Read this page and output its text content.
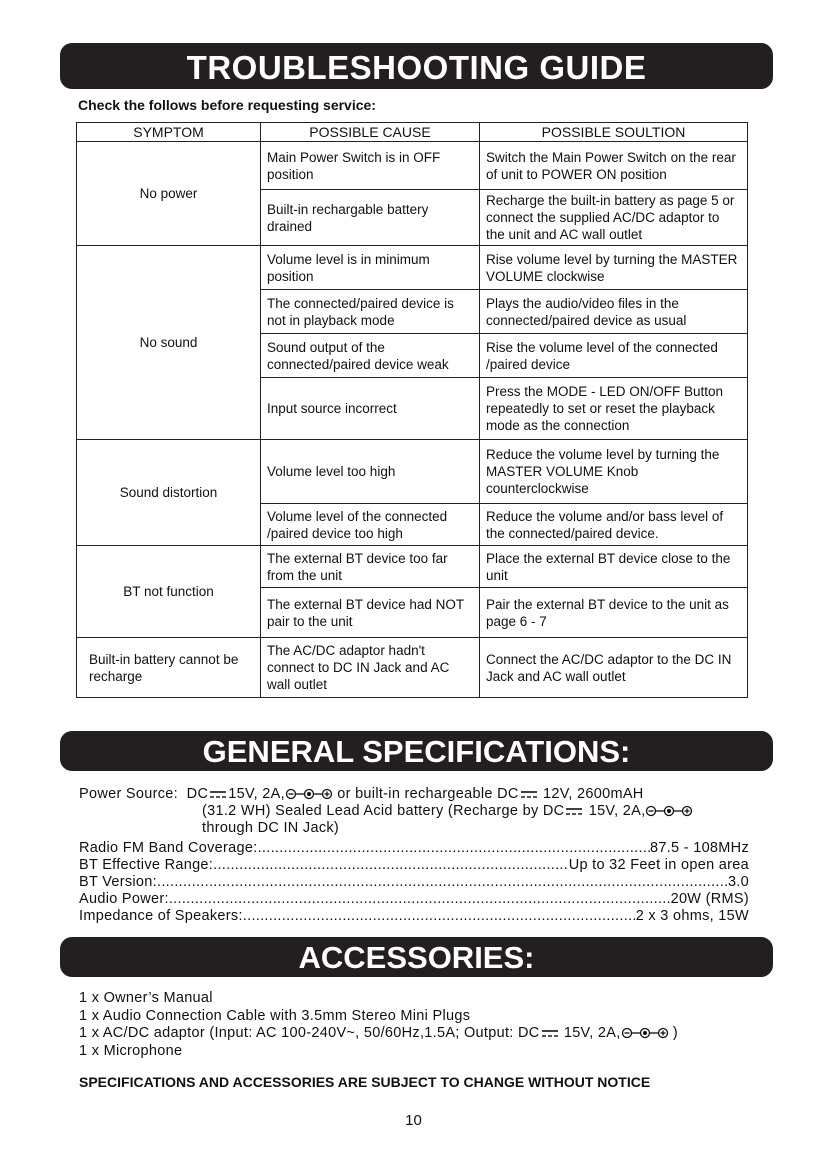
TROUBLESHOOTING GUIDE
Check the follows before requesting service:
SYMPTOM	POSSIBLE CAUSE	POSSIBLE SOULTION
No power	Main Power Switch is in OFF position	Switch the Main Power Switch on the rear of unit to POWER ON position
	Built-in rechargable battery drained	Recharge the built-in battery as page 5 or connect the supplied AC/DC adaptor to the unit and AC wall outlet
No sound	Volume level is in minimum position	Rise volume level by turning the MASTER VOLUME clockwise
	The connected/paired device is not in playback mode	Plays the audio/video files in the connected/paired device as usual
	Sound output of the connected/paired device weak	Rise the volume level of the connected /paired device
	Input source incorrect	Press the MODE - LED ON/OFF Button repeatedly to set or reset the playback mode as the connection
Sound distortion	Volume level too high	Reduce the volume level by turning the MASTER VOLUME Knob counterclockwise
	Volume level of the connected /paired device too high	Reduce the volume and/or bass level of the connected/paired device.
BT not function	The external BT device too far from the unit	Place the external BT device close to the unit
	The external BT device had NOT pair to the unit	Pair the external BT device to the unit as page 6 - 7
Built-in battery cannot be recharge	The AC/DC adaptor hadn't connect to DC IN Jack and AC wall outlet	Connect the AC/DC adaptor to the DC IN Jack and AC wall outlet
GENERAL SPECIFICATIONS:
Power Source: DC 15V, 2A,	or built-in rechargeable DC 12V, 2600mAH
(31.2 WH) Sealed Lead Acid battery (Recharge by DC 15V, 2A,
through DC IN Jack)
Radio FM Band Coverage: .....	87.5 - 108MHz
BT Effective Range: .....	Up to 32 Feet in open area
BT Version: .....	3.0
Audio Power: .....	20W (RMS)
Impedance of Speakers: .....	2 x 3 ohms, 15W
ACCESSORIES:
1 x Owner’s Manual
1 x Audio Connection Cable with 3.5mm Stereo Mini Plugs
1 x AC/DC adaptor (Input: AC 100-240V~, 50/60Hz,1.5A; Output: DC 15V, 2A,	)
1 x Microphone
SPECIFICATIONS AND ACCESSORIES ARE SUBJECT TO CHANGE WITHOUT NOTICE
10
